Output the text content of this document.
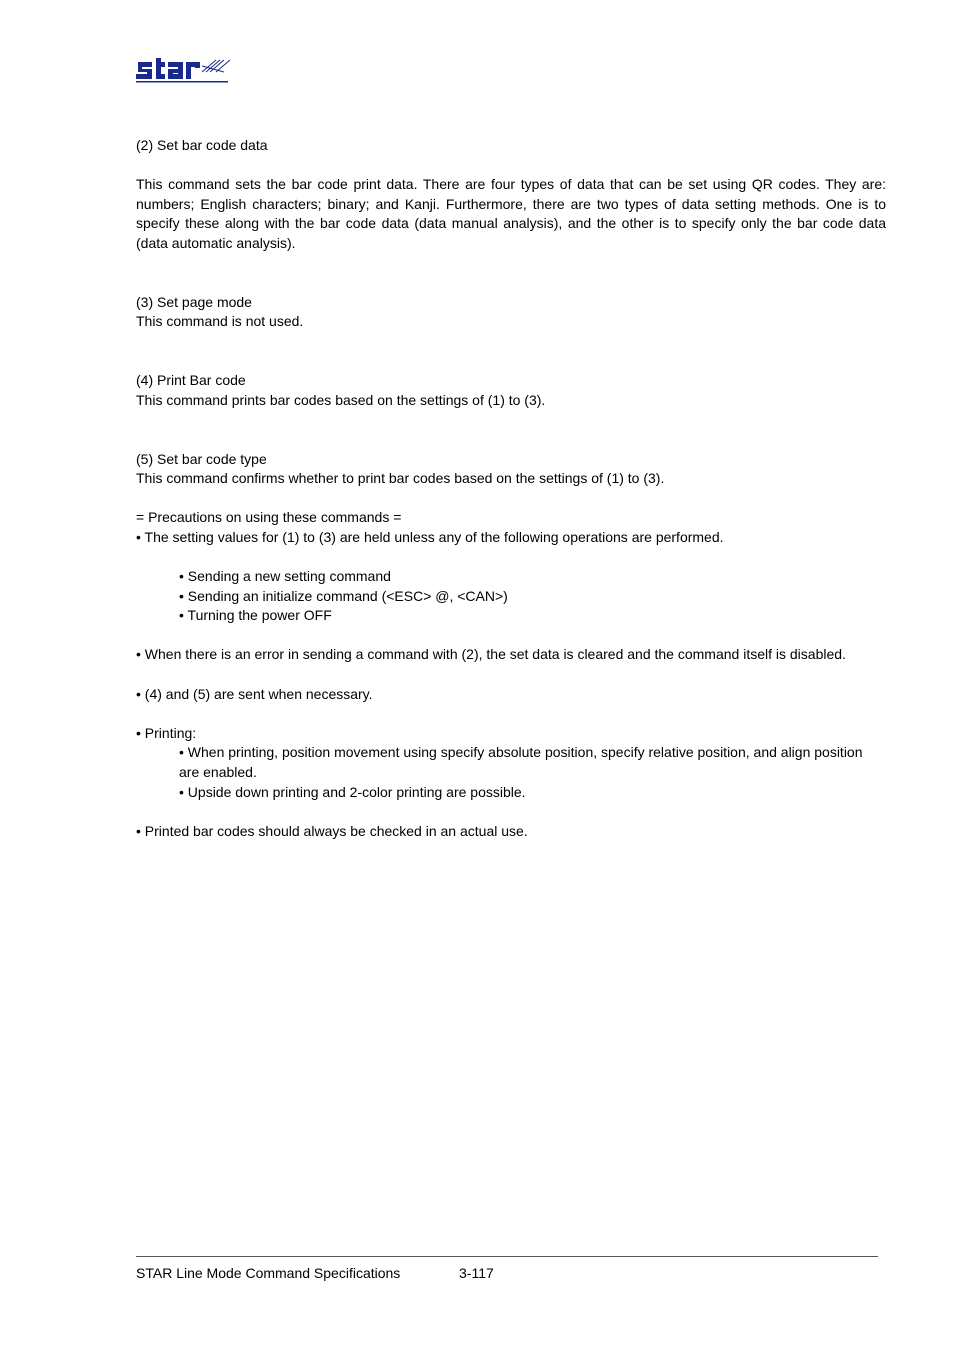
(2) Set bar code data

This command sets the bar code print data. There are four types of data that can be set using QR codes. They are: numbers; English characters; binary; and Kanji. Furthermore, there are two types of data setting methods. One is to specify these along with the bar code data (data manual analysis), and the other is to specify only the bar code data (data automatic analysis).

(3) Set page mode

This command is not used.

(4) Print Bar code

This command prints bar codes based on the settings of (1) to (3).

(5) Set bar code type

This command confirms whether to print bar codes based on the settings of (1) to (3).

= Precautions on using these commands =

• The setting values for (1) to (3) are held unless any of the following operations are performed.

• Sending a new setting command

• Sending an initialize command (<ESC> @, <CAN>)

• Turning the power OFF

• When there is an error in sending a command with (2), the set data is cleared and the command itself is disabled.

• (4) and (5) are sent when necessary.

• Printing:

• When printing, position movement using specify absolute position, specify relative position, and align position

are enabled.

• Upside down printing and 2-color printing are possible.

• Printed bar codes should always be checked in an actual use.

STAR Line Mode Command Specifications	3-117
